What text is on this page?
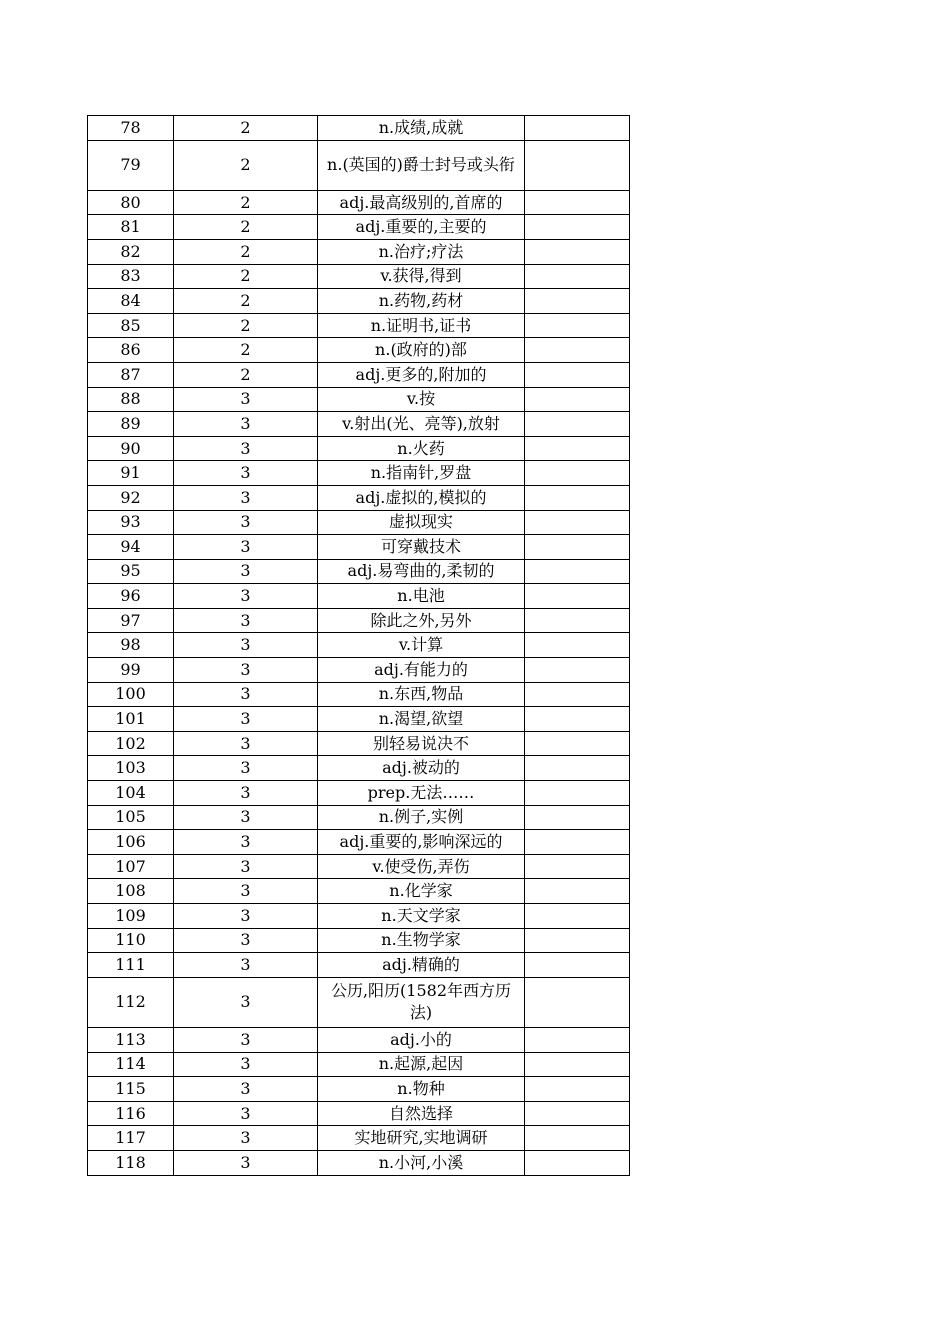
78	2	n.成绩,成就	
79	2	n.(英国的)爵士封号或头衔	
80	2	adj.最高级别的,首席的	
81	2	adj.重要的,主要的	
82	2	n.治疗;疗法	
83	2	v.获得,得到	
84	2	n.药物,药材	
85	2	n.证明书,证书	
86	2	n.(政府的)部	
87	2	adj.更多的,附加的	
88	3	v.按	
89	3	v.射出(光、亮等),放射	
90	3	n.火药	
91	3	n.指南针,罗盘	
92	3	adj.虚拟的,模拟的	
93	3	虚拟现实	
94	3	可穿戴技术	
95	3	adj.易弯曲的,柔韧的	
96	3	n.电池	
97	3	除此之外,另外	
98	3	v.计算	
99	3	adj.有能力的	
100	3	n.东西,物品	
101	3	n.渴望,欲望	
102	3	别轻易说决不	
103	3	adj.被动的	
104	3	prep.无法……	
105	3	n.例子,实例	
106	3	adj.重要的,影响深远的	
107	3	v.使受伤,弄伤	
108	3	n.化学家	
109	3	n.天文学家	
110	3	n.生物学家	
111	3	adj.精确的	
112	3	公历,阳历(1582年西方历法)	
113	3	adj.小的	
114	3	n.起源,起因	
115	3	n.物种	
116	3	自然选择	
117	3	实地研究,实地调研	
118	3	n.小河,小溪	
